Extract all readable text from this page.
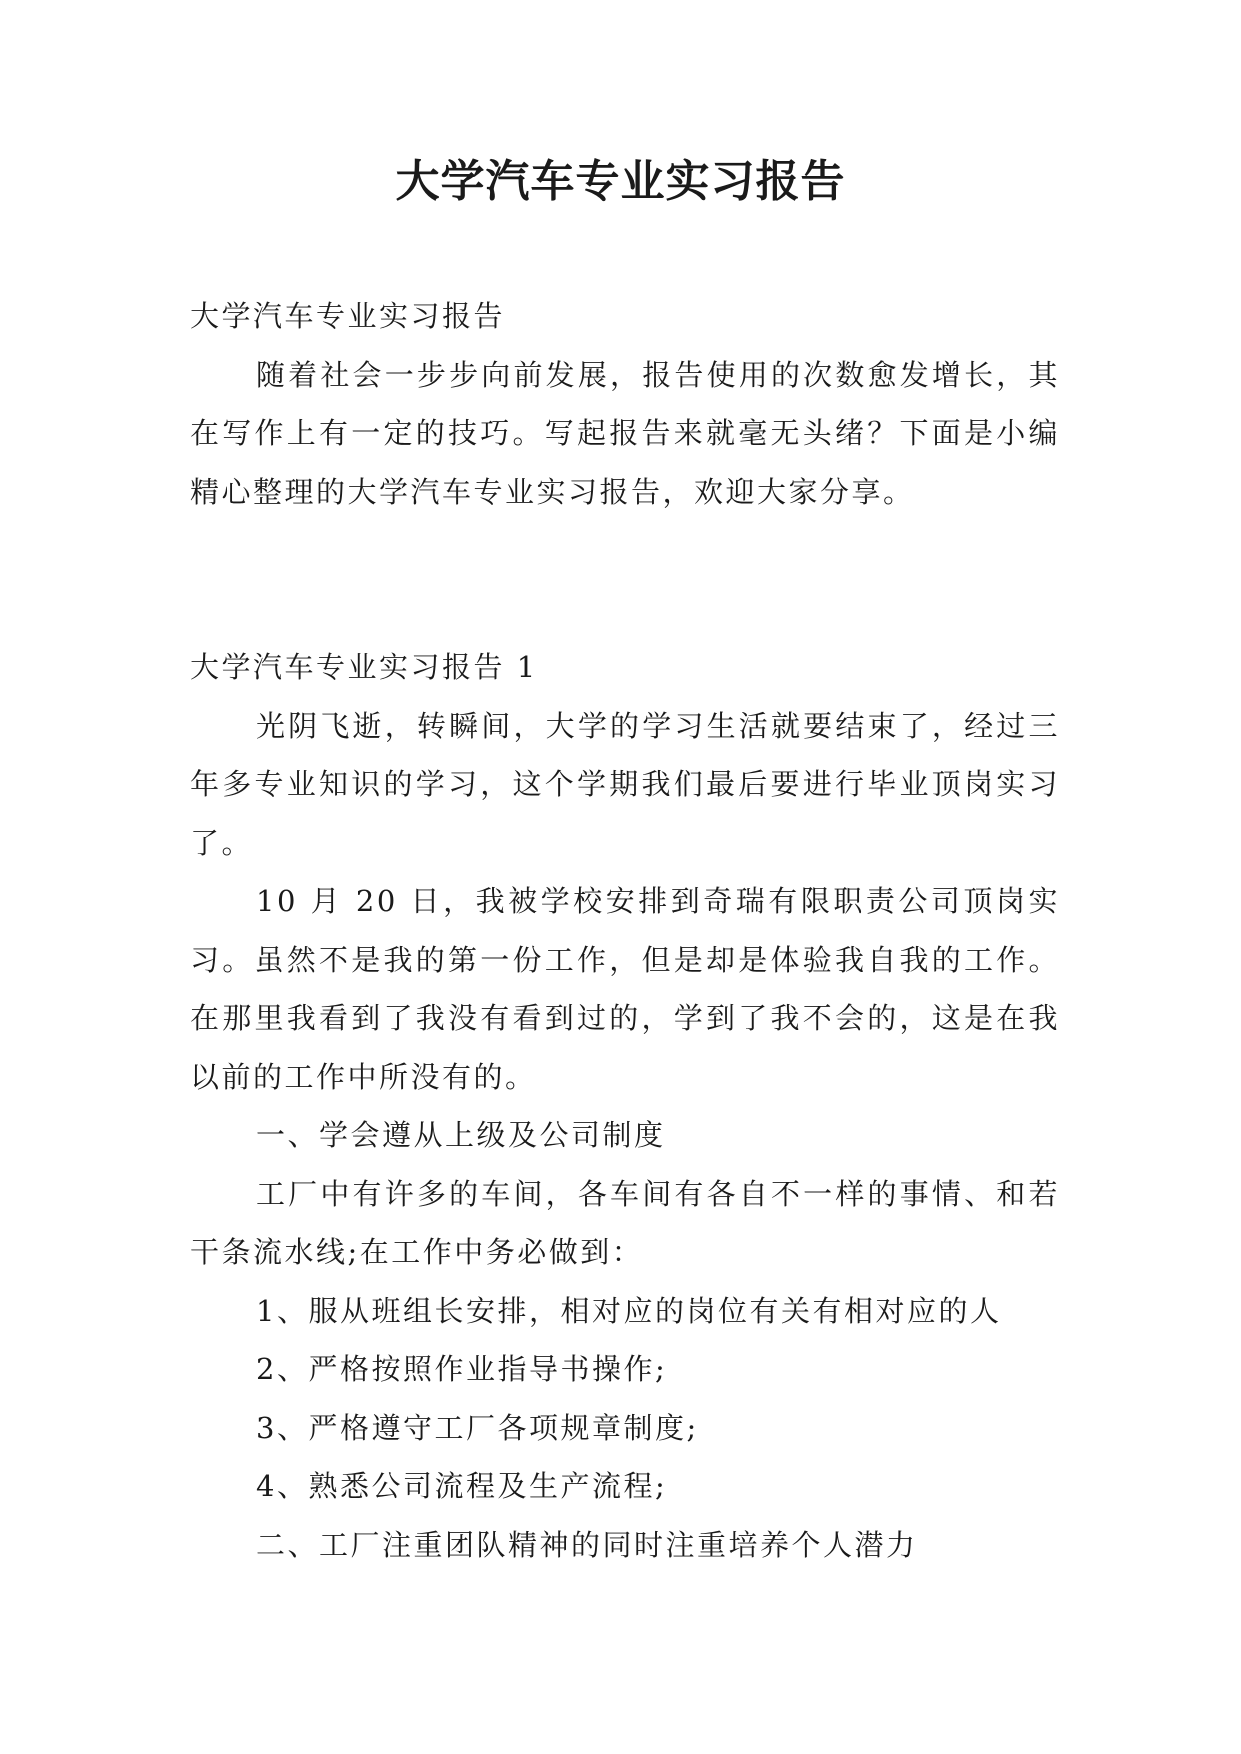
大学汽车专业实习报告

大学汽车专业实习报告

随着社会一步步向前发展，报告使用的次数愈发增长，其在写作上有一定的技巧。写起报告来就毫无头绪？下面是小编精心整理的大学汽车专业实习报告，欢迎大家分享。

大学汽车专业实习报告 1

光阴飞逝，转瞬间，大学的学习生活就要结束了，经过三年多专业知识的学习，这个学期我们最后要进行毕业顶岗实习了。

10 月 20 日，我被学校安排到奇瑞有限职责公司顶岗实习。虽然不是我的第一份工作，但是却是体验我自我的工作。在那里我看到了我没有看到过的，学到了我不会的，这是在我以前的工作中所没有的。

一、学会遵从上级及公司制度

工厂中有许多的车间，各车间有各自不一样的事情、和若干条流水线;在工作中务必做到：

1、服从班组长安排，相对应的岗位有关有相对应的人

2、严格按照作业指导书操作;

3、严格遵守工厂各项规章制度;

4、熟悉公司流程及生产流程;

二、工厂注重团队精神的同时注重培养个人潜力
